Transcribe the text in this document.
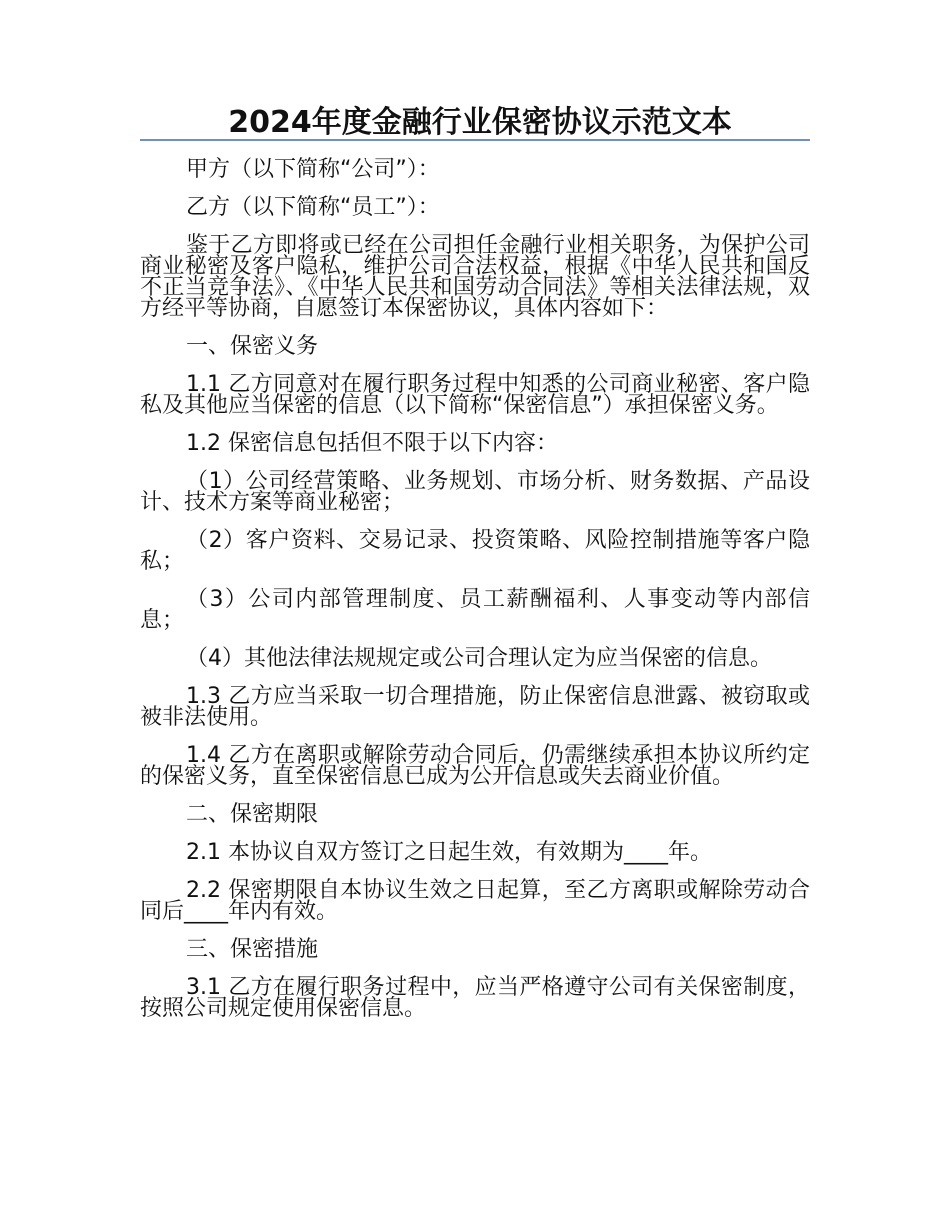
2024年度金融行业保密协议示范文本

甲方（以下简称“公司”）：

乙方（以下简称“员工”）：

鉴于乙方即将或已经在公司担任金融行业相关职务，为保护公司商业秘密及客户隐私，维护公司合法权益，根据《中华人民共和国反不正当竞争法》、《中华人民共和国劳动合同法》等相关法律法规，双方经平等协商，自愿签订本保密协议，具体内容如下：

一、保密义务

1.1 乙方同意对在履行职务过程中知悉的公司商业秘密、客户隐私及其他应当保密的信息（以下简称“保密信息”）承担保密义务。

1.2 保密信息包括但不限于以下内容：

（1）公司经营策略、业务规划、市场分析、财务数据、产品设计、技术方案等商业秘密；

（2）客户资料、交易记录、投资策略、风险控制措施等客户隐私；

（3）公司内部管理制度、员工薪酬福利、人事变动等内部信息；

（4）其他法律法规规定或公司合理认定为应当保密的信息。

1.3 乙方应当采取一切合理措施，防止保密信息泄露、被窃取或被非法使用。

1.4 乙方在离职或解除劳动合同后，仍需继续承担本协议所约定的保密义务，直至保密信息已成为公开信息或失去商业价值。

二、保密期限

2.1 本协议自双方签订之日起生效，有效期为____年。

2.2 保密期限自本协议生效之日起算，至乙方离职或解除劳动合同后____年内有效。

三、保密措施

3.1 乙方在履行职务过程中，应当严格遵守公司有关保密制度，按照公司规定使用保密信息。
